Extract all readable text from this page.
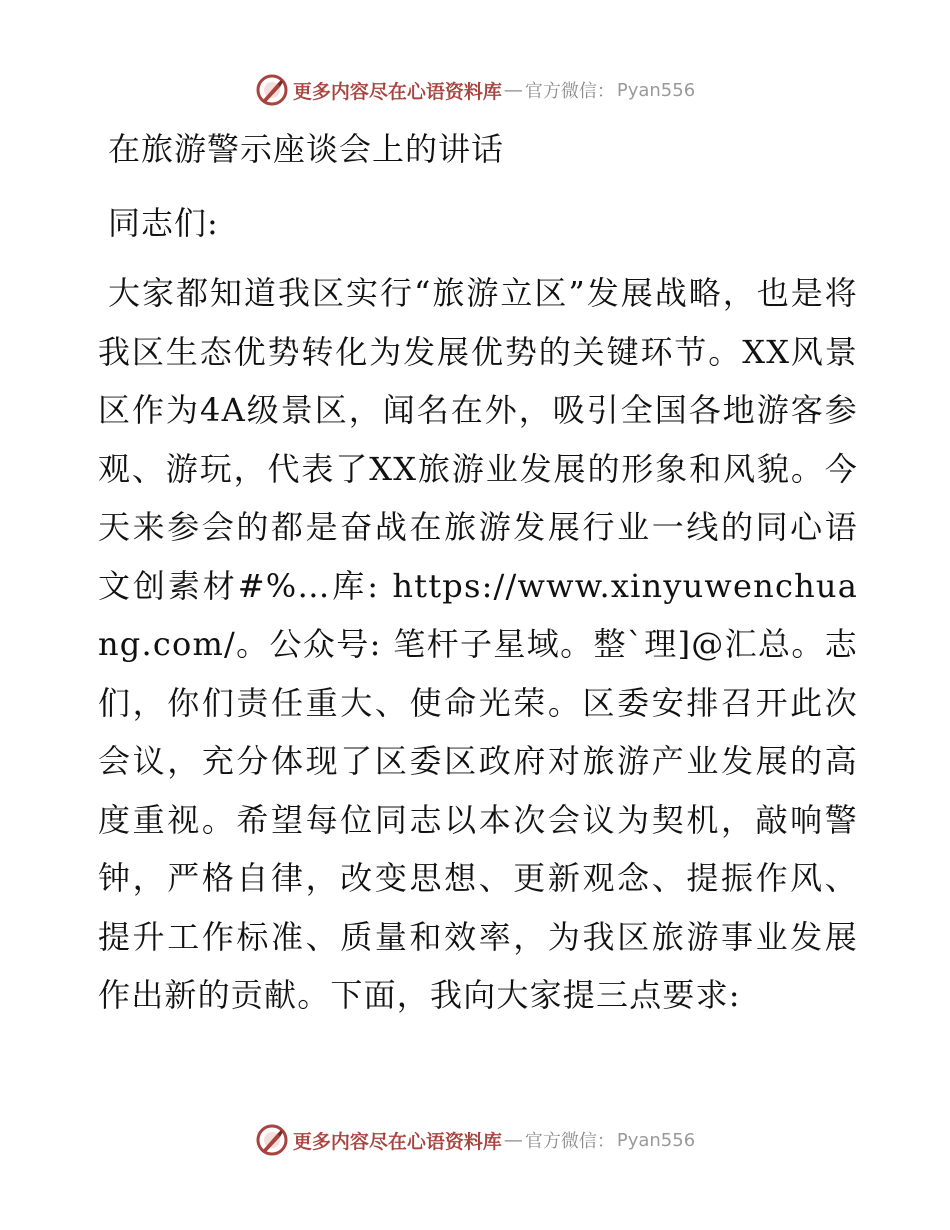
更多内容尽在心语资料库 — 官方微信： Pyan556
在旅游警示座谈会上的讲话
同志们:
大家都知道我区实行“旅游立区”发展战略，也是将我区生态优势转化为发展优势的关键环节。XX风景区作为4A级景区，闻名在外，吸引全国各地游客参观、游玩，代表了XX旅游业发展的形象和风貌。今天来参会的都是奋战在旅游发展行业一线的同心语文创素材#%…库: https://www.xinyuwenchuang.com/。公众号: 笔杆子星域。整`理]@汇总。志们，你们责任重大、使命光荣。区委安排召开此次会议，充分体现了区委区政府对旅游产业发展的高度重视。希望每位同志以本次会议为契机，敲响警钟，严格自律，改变思想、更新观念、提振作风、提升工作标准、质量和效率，为我区旅游事业发展作出新的贡献。下面，我向大家提三点要求:
更多内容尽在心语资料库 — 官方微信： Pyan556
